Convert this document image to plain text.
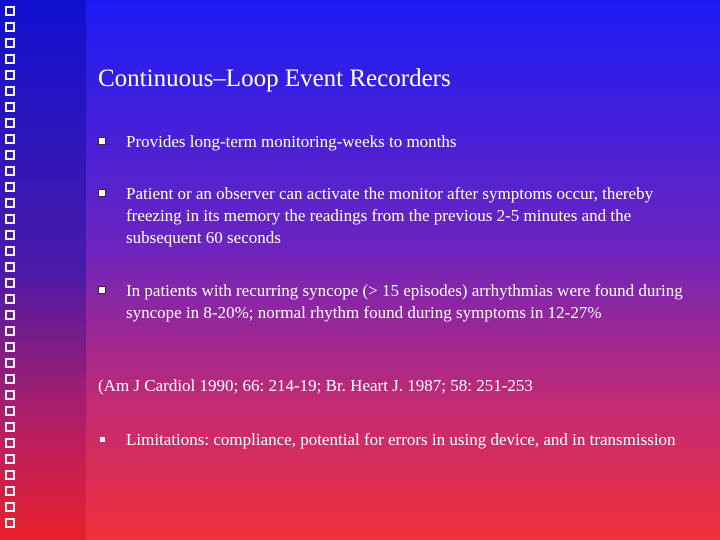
Continuous–Loop Event Recorders
Provides long-term monitoring-weeks to months
Patient or an observer can activate the monitor after symptoms occur, thereby freezing in its memory the readings from the previous 2-5 minutes and the subsequent 60 seconds
In patients with recurring syncope (> 15 episodes) arrhythmias were found during syncope in 8-20%; normal rhythm found during symptoms in 12-27%
(Am J Cardiol 1990; 66: 214-19; Br. Heart J. 1987; 58: 251-253
Limitations: compliance, potential for errors in using device, and in transmission
